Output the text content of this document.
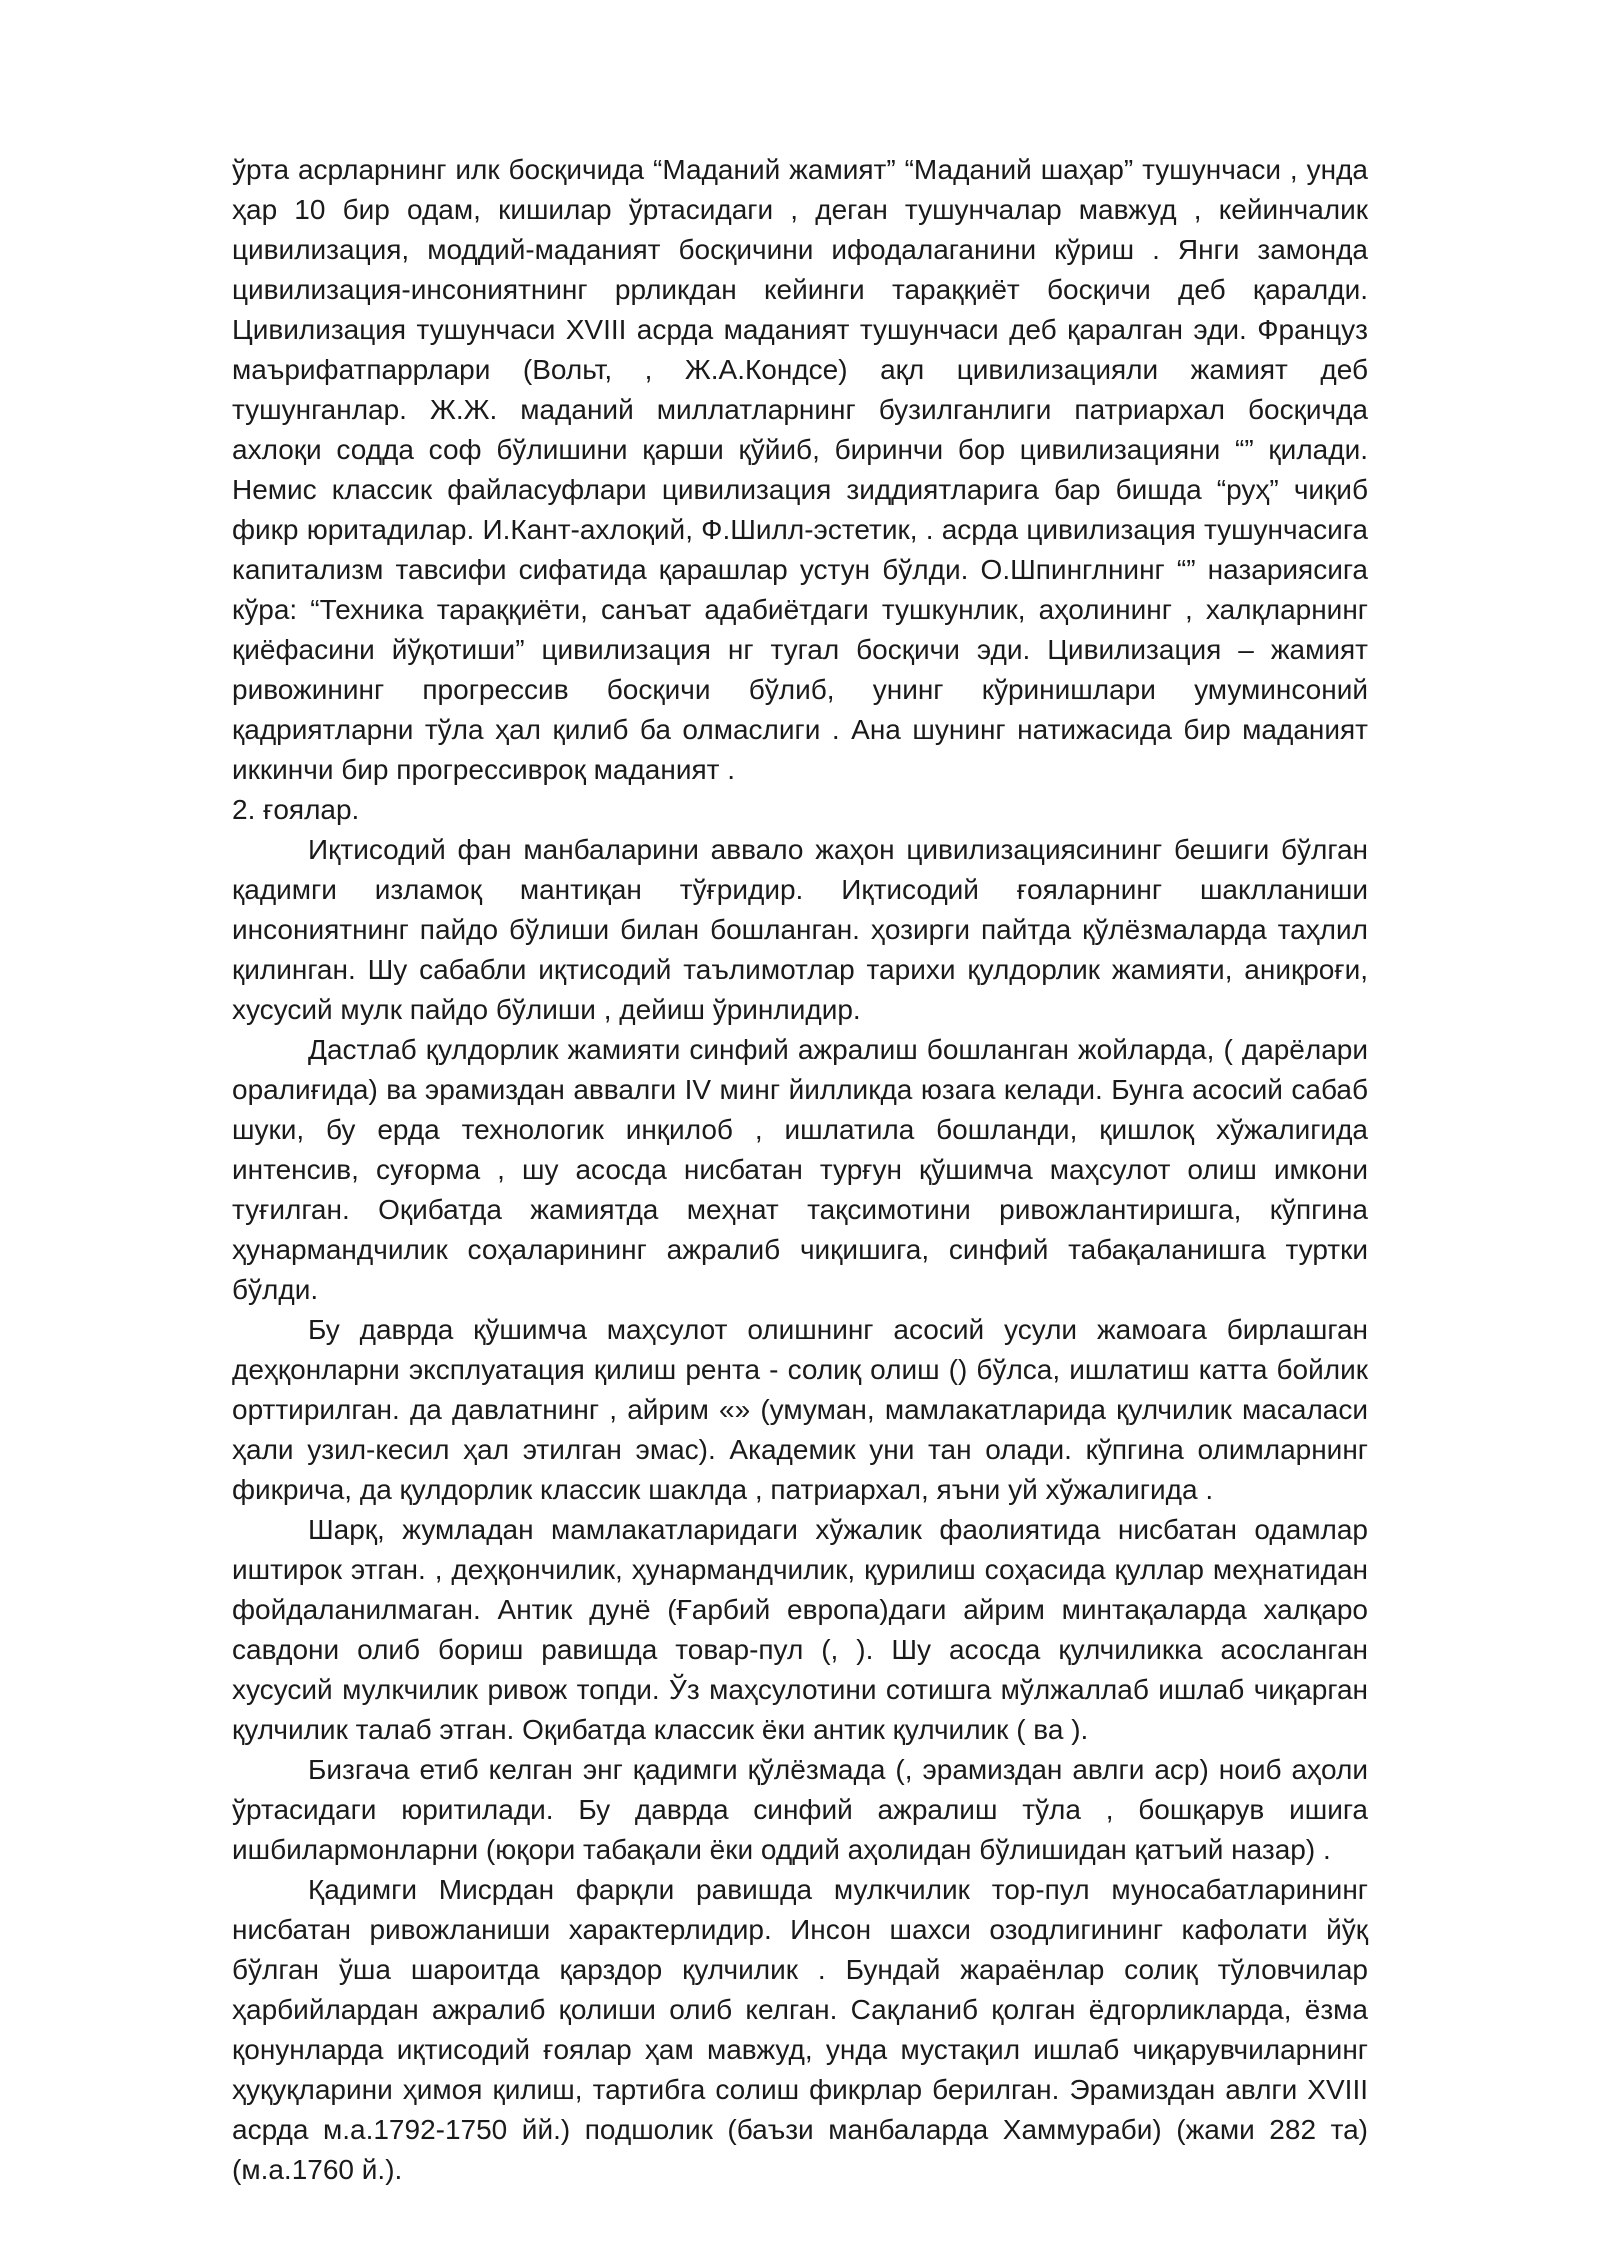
ўрта асрларнинг илк босқичида “Маданий жамият” “Маданий шаҳар” тушунчаси , унда ҳар 10 бир одам, кишилар ўртасидаги , деган тушунчалар мавжуд , кейинчалик цивилизация, моддий-маданият босқичини ифодалаганини кўриш . Янги замонда цивилизация-инсониятнинг ррликдан кейинги тараққиёт босқичи деб қаралди. Цивилизация тушунчаси XVIII асрда маданият тушунчаси деб қаралган эди. Француз маърифатпаррлари (Вольт, , Ж.А.Кондсе) ақл цивилизацияли жамият деб тушунганлар. Ж.Ж. маданий миллатларнинг бузилганлиги патриархал босқичда ахлоқи содда соф бўлишини қарши қўйиб, биринчи бор цивилизацияни “” қилади. Немис классик файласуфлари цивилизация зиддиятларига бар бишда “руҳ” чиқиб фикр юритадилар. И.Кант-ахлоқий, Ф.Шилл-эстетик, . асрда цивилизация тушунчасига капитализм тавсифи сифатида қарашлар устун бўлди. О.Шпинглнинг “” назариясига кўра: “Техника тараққиёти, санъат адабиётдаги тушкунлик, аҳолининг , халқларнинг қиёфасини йўқотиши” цивилизация нг тугал босқичи эди. Цивилизация – жамият ривожининг прогрессив босқичи бўлиб, унинг кўринишлари умуминсоний қадриятларни тўла ҳал қилиб ба олмаслиги . Ана шунинг натижасида бир маданият иккинчи бир прогрессивроқ маданият .

2. ғоялар.

Иқтисодий фан манбаларини аввало жаҳон цивилизациясининг бешиги бўлган қадимги изламоқ мантиқан тўғридир. Иқтисодий ғояларнинг шаклланиши инсониятнинг пайдо бўлиши билан бошланган. ҳозирги пайтда қўлёзмаларда таҳлил қилинган. Шу сабабли иқтисодий таълимотлар тарихи қулдорлик жамияти, аниқроғи, хусусий мулк пайдо бўлиши , дейиш ўринлидир.

Дастлаб қулдорлик жамияти синфий ажралиш бошланган жойларда, ( дарёлари оралиғида) ва эрамиздан аввалги IV минг йилликда юзага келади. Бунга асосий сабаб шуки, бу ерда технологик инқилоб , ишлатила бошланди, қишлоқ хўжалигида интенсив, суғорма , шу асосда нисбатан турғун қўшимча маҳсулот олиш имкони туғилган. Оқибатда жамиятда меҳнат тақсимотини ривожлантиришга, кўпгина ҳунармандчилик соҳаларининг ажралиб чиқишига, синфий табақаланишга туртки бўлди.

Бу даврда қўшимча маҳсулот олишнинг асосий усули жамоага бирлашган деҳқонларни эксплуатация қилиш рента - солиқ олиш () бўлса, ишлатиш катта бойлик орттирилган. да давлатнинг , айрим «» (умуман, мамлакатларида қулчилик масаласи ҳали узил-кесил ҳал этилган эмас). Академик уни тан олади. кўпгина олимларнинг фикрича, да қулдорлик классик шаклда , патриархал, яъни уй хўжалигида .

Шарқ, жумладан мамлакатларидаги хўжалик фаолиятида нисбатан одамлар иштирок этган. , деҳқончилик, ҳунармандчилик, қурилиш соҳасида қуллар меҳнатидан фойдаланилмаган. Антик дунё (Ғарбий европа)даги айрим минтақаларда халқаро савдони олиб бориш равишда товар-пул (, ). Шу асосда қулчиликка асосланган хусусий мулкчилик ривож топди. Ўз маҳсулотини сотишга мўлжаллаб ишлаб чиқарган қулчилик талаб этган. Оқибатда классик ёки антик қулчилик ( ва ).

Бизгача етиб келган энг қадимги қўлёзмада (, эрамиздан авлги аср) ноиб аҳоли ўртасидаги юритилади. Бу даврда синфий ажралиш тўла , бошқарув ишига ишбилармонларни (юқори табақали ёки оддий аҳолидан бўлишидан қатъий назар) .

Қадимги Мисрдан фарқли равишда мулкчилик тор-пул муносабатларининг нисбатан ривожланиши характерлидир. Инсон шахси озодлигининг кафолати йўқ бўлган ўша шароитда қарздор қулчилик . Бундай жараёнлар солиқ тўловчилар ҳарбийлардан ажралиб қолиши олиб келган. Сақланиб қолган ёдгорликларда, ёзма қонунларда иқтисодий ғоялар ҳам мавжуд, унда мустақил ишлаб чиқарувчиларнинг ҳуқуқларини ҳимоя қилиш, тартибга солиш фикрлар берилган. Эрамиздан авлги XVIII асрда м.а.1792-1750 йй.) подшолик (баъзи манбаларда Хаммураби) (жами 282 та) (м.а.1760 й.).
